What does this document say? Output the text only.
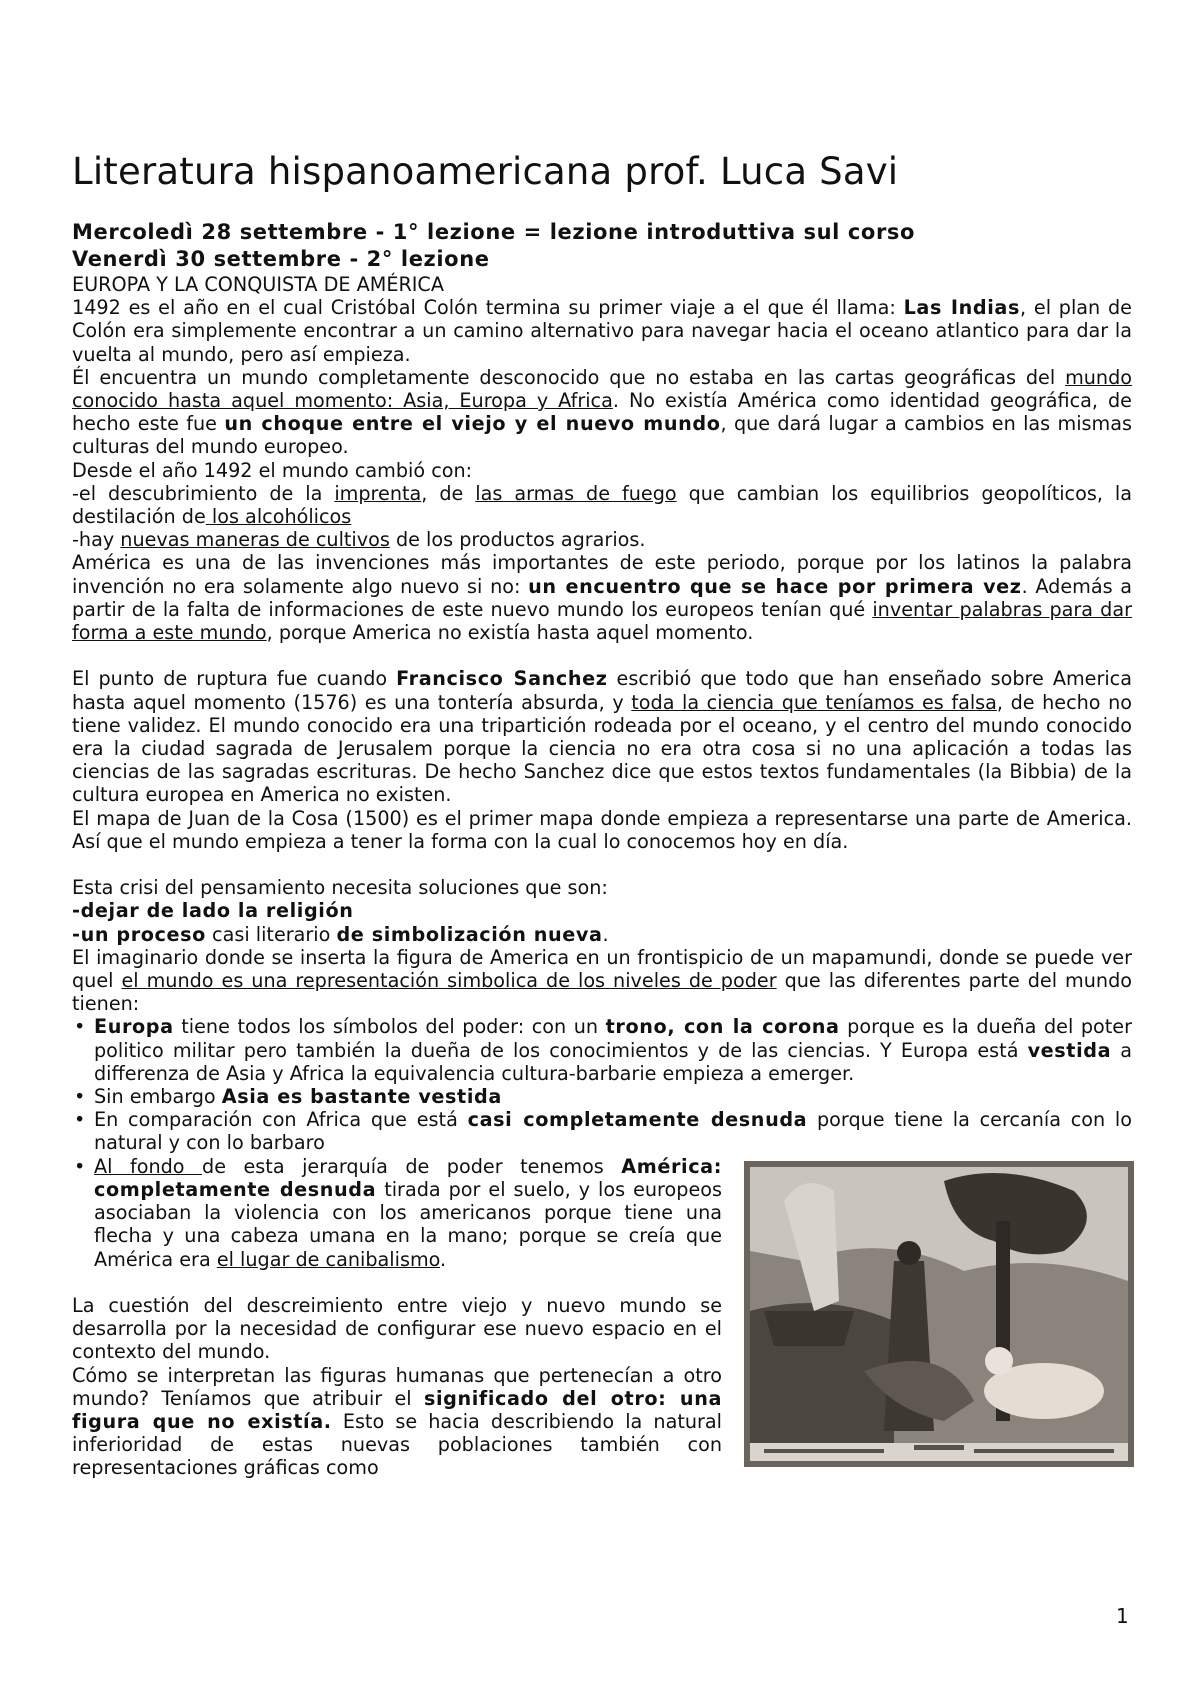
Literatura hispanoamericana prof. Luca Savi

Mercoledì 28 settembre - 1° lezione = lezione introduttiva sul corso

Venerdì 30 settembre - 2° lezione

EUROPA Y LA CONQUISTA DE AMÉRICA

1492 es el año en el cual Cristóbal Colón termina su primer viaje a el que él llama: Las Indias, el plan de Colón era simplemente encontrar a un camino alternativo para navegar hacia el oceano atlantico para dar la vuelta al mundo, pero así empieza.

Él encuentra un mundo completamente desconocido que no estaba en las cartas geográficas del mundo conocido hasta aquel momento: Asia, Europa y Africa. No existía América como identidad geográfica, de hecho este fue un choque entre el viejo y el nuevo mundo, que dará lugar a cambios en las mismas culturas del mundo europeo.

Desde el año 1492 el mundo cambió con:

-el descubrimiento de la imprenta, de las armas de fuego que cambian los equilibrios geopolíticos, la destilación de los alcohólicos

-hay nuevas maneras de cultivos de los productos agrarios.

América es una de las invenciones más importantes de este periodo, porque por los latinos la palabra invención no era solamente algo nuevo si no: un encuentro que se hace por primera vez. Además a partir de la falta de informaciones de este nuevo mundo los europeos tenían qué inventar palabras para dar forma a este mundo, porque America no existía hasta aquel momento.

El punto de ruptura fue cuando Francisco Sanchez escribió que todo que han enseñado sobre America hasta aquel momento (1576) es una tontería absurda, y toda la ciencia que teníamos es falsa, de hecho no tiene validez. El mundo conocido era una tripartición rodeada por el oceano, y el centro del mundo conocido era la ciudad sagrada de Jerusalem porque la ciencia no era otra cosa si no una aplicación a todas las ciencias de las sagradas escrituras. De hecho Sanchez dice que estos textos fundamentales (la Bibbia) de la cultura europea en America no existen.

El mapa de Juan de la Cosa (1500) es el primer mapa donde empieza a representarse una parte de America. Así que el mundo empieza a tener la forma con la cual lo conocemos hoy en día.

Esta crisi del pensamiento necesita soluciones que son:

-dejar de lado la religión

-un proceso casi literario de simbolización nueva.

El imaginario donde se inserta la figura de America en un frontispicio de un mapamundi, donde se puede ver quel el mundo es una representación simbolica de los niveles de poder que las diferentes parte del mundo tienen:

• Europa tiene todos los símbolos del poder: con un trono, con la corona porque es la dueña del poter politico militar pero también la dueña de los conocimientos y de las ciencias. Y Europa está vestida a differenza de Asia y Africa la equivalencia cultura-barbarie empieza a emerger.
• Sin embargo Asia es bastante vestida
• En comparación con Africa que está casi completamente desnuda porque tiene la cercanía con lo natural y con lo barbaro
• Al fondo de esta jerarquía de poder tenemos América: completamente desnuda tirada por el suelo, y los europeos asociaban la violencia con los americanos porque tiene una flecha y una cabeza umana en la mano; porque se creía que América era el lugar de canibalismo.

La cuestión del descreimiento entre viejo y nuevo mundo se desarrolla por la necesidad de configurar ese nuevo espacio en el contexto del mundo.

Cómo se interpretan las figuras humanas que pertenecían a otro mundo? Teníamos que atribuir el significado del otro: una figura que no existía. Esto se hacia describiendo la natural inferioridad de estas nuevas poblaciones también con representaciones gráficas como

1
